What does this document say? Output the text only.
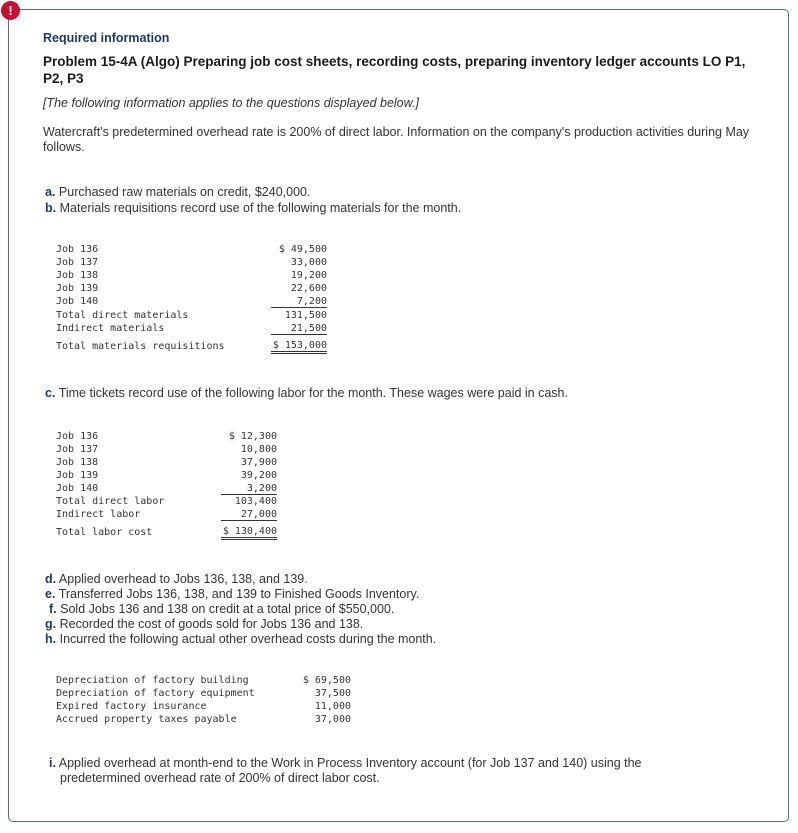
!
Required information
Problem 15-4A (Algo) Preparing job cost sheets, recording costs, preparing inventory ledger accounts LO P1, P2, P3
[The following information applies to the questions displayed below.]
Watercraft's predetermined overhead rate is 200% of direct labor. Information on the company's production activities during May follows.
a. Purchased raw materials on credit, $240,000.
b. Materials requisitions record use of the following materials for the month.
Job 136	$ 49,500
Job 137	33,000
Job 138	19,200
Job 139	22,600
Job 140	7,200
Total direct materials	131,500
Indirect materials	21,500
Total materials requisitions	$ 153,000
c. Time tickets record use of the following labor for the month. These wages were paid in cash.
Job 136	$ 12,300
Job 137	10,800
Job 138	37,900
Job 139	39,200
Job 140	3,200
Total direct labor	103,400
Indirect labor	27,000
Total labor cost	$ 130,400
d. Applied overhead to Jobs 136, 138, and 139.
e. Transferred Jobs 136, 138, and 139 to Finished Goods Inventory.
f. Sold Jobs 136 and 138 on credit at a total price of $550,000.
g. Recorded the cost of goods sold for Jobs 136 and 138.
h. Incurred the following actual other overhead costs during the month.
Depreciation of factory building	$ 69,500
Depreciation of factory equipment	37,500
Expired factory insurance	11,000
Accrued property taxes payable	37,000
i. Applied overhead at month-end to the Work in Process Inventory account (for Job 137 and 140) using the predetermined overhead rate of 200% of direct labor cost.
